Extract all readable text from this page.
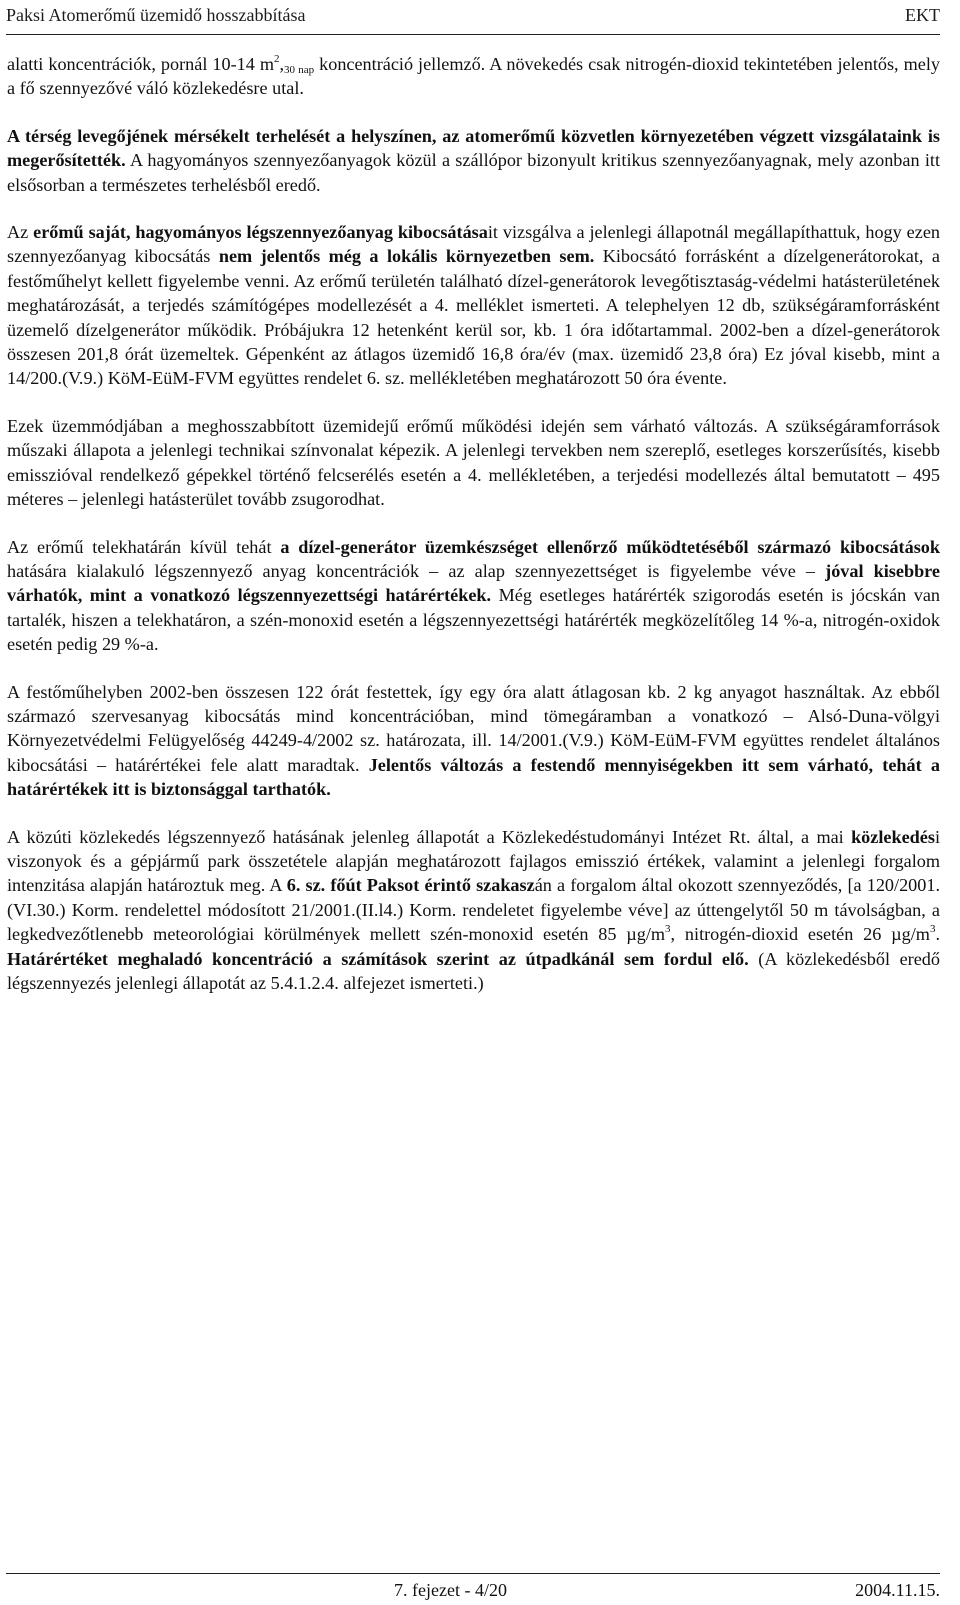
Paksi Atomerőmű üzemidő hosszabbítása	EKT

alatti koncentrációk, pornál 10-14 $m^2,_{30 nap}$ koncentráció jellemző. A növekedés csak nitrogén-dioxid tekintetében jelentős, mely a fő szennyezővé váló közlekedésre utal.

A térség levegőjének mérsékelt terhelését a helyszínen, az atomerőmű közvetlen környezetében végzett vizsgálataink is megerősítették. A hagyományos szennyezőanyagok közül a szállópor bizonyult kritikus szennyezőanyagnak, mely azonban itt elsősorban a természetes terhelésből eredő.

Az erőmű saját, hagyományos légszennyezőanyag kibocsátásait vizsgálva a jelenlegi állapotnál megállapíthattuk, hogy ezen szennyezőanyag kibocsátás nem jelentős még a lokális környezetben sem. Kibocsátó forrásként a dízelgenerátorokat, a festőműhelyt kellett figyelembe venni. Az erőmű területén található dízel-generátorok levegőtisztaság-védelmi hatásterületének meghatározását, a terjedés számítógépes modellezését a 4. melléklet ismerteti. A telephelyen 12 db, szükségáramforrásként üzemelő dízelgenerátor működik. Próbájukra 12 hetenként kerül sor, kb. 1 óra időtartammal. 2002-ben a dízel-generátorok összesen 201,8 órát üzemeltek. Gépenként az átlagos üzemidő 16,8 óra/év (max. üzemidő 23,8 óra) Ez jóval kisebb, mint a 14/200.(V.9.) KöM-EüM-FVM együttes rendelet 6. sz. mellékletében meghatározott 50 óra évente.

Ezek üzemmódjában a meghosszabbított üzemidejű erőmű működési idején sem várható változás. A szükségáramforrások műszaki állapota a jelenlegi technikai színvonalat képezik. A jelenlegi tervekben nem szereplő, esetleges korszerűsítés, kisebb emisszióval rendelkező gépekkel történő felcserélés esetén a 4. mellékletében, a terjedési modellezés által bemutatott – 495 méteres – jelenlegi hatásterület tovább zsugorodhat.

Az erőmű telekhatárán kívül tehát a dízel-generátor üzemkészséget ellenőrző működtetéséből származó kibocsátások hatására kialakuló légszennyező anyag koncentrációk – az alap szennyezettséget is figyelembe véve – jóval kisebbre várhatók, mint a vonatkozó légszennyezettségi határértékek. Még esetleges határérték szigorodás esetén is jócskán van tartalék, hiszen a telekhatáron, a szén-monoxid esetén a légszennyezettségi határérték megközelítőleg 14 %-a, nitrogén-oxidok esetén pedig 29 %-a.

A festőműhelyben 2002-ben összesen 122 órát festettek, így egy óra alatt átlagosan kb. 2 kg anyagot használtak. Az ebből származó szervesanyag kibocsátás mind koncentrációban, mind tömegáramban a vonatkozó – Alsó-Duna-völgyi Környezetvédelmi Felügyelőség 44249-4/2002 sz. határozata, ill. 14/2001.(V.9.) KöM-EüM-FVM együttes rendelet általános kibocsátási – határértékei fele alatt maradtak. Jelentős változás a festendő mennyiségekben itt sem várható, tehát a határértékek itt is biztonsággal tarthatók.

A közúti közlekedés légszennyező hatásának jelenleg állapotát a Közlekedéstudományi Intézet Rt. által, a mai közlekedési viszonyok és a gépjármű park összetétele alapján meghatározott fajlagos emisszió értékek, valamint a jelenlegi forgalom intenzitása alapján határoztuk meg. A 6. sz. főút Paksot érintő szakaszán a forgalom által okozott szennyeződés, [a 120/2001.(VI.30.) Korm. rendelettel módosított 21/2001.(II.l4.) Korm. rendeletet figyelembe véve] az úttengelytől 50 m távolságban, a legkedvezőtlenebb meteorológiai körülmények mellett szén-monoxid esetén 85 $\mu g/m^3$, nitrogén-dioxid esetén 26 $\mu g/m^3$. Határértéket meghaladó koncentráció a számítások szerint az útpadkánál sem fordul elő. (A közlekedésből eredő légszennyezés jelenlegi állapotát az 5.4.1.2.4. alfejezet ismerteti.)

7. fejezet - 4/20	2004.11.15.
